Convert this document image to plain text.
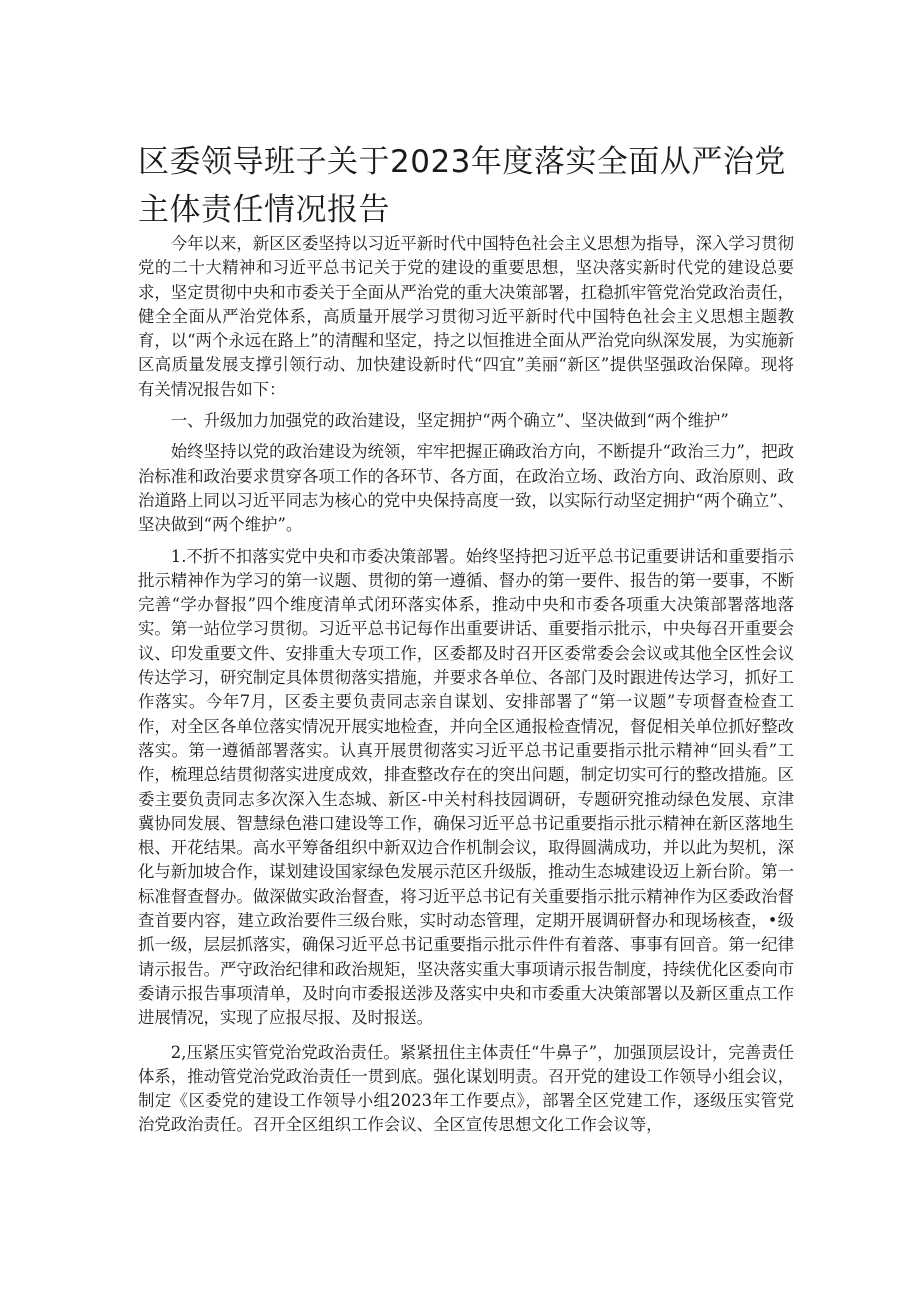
区委领导班子关于2023年度落实全面从严治党主体责任情况报告

今年以来，新区区委坚持以习近平新时代中国特色社会主义思想为指导，深入学习贯彻党的二十大精神和习近平总书记关于党的建设的重要思想，坚决落实新时代党的建设总要求，坚定贯彻中央和市委关于全面从严治党的重大决策部署，扛稳抓牢管党治党政治责任，健全全面从严治党体系，高质量开展学习贯彻习近平新时代中国特色社会主义思想主题教育，以“两个永远在路上”的清醒和坚定，持之以恒推进全面从严治党向纵深发展，为实施新区高质量发展支撑引领行动、加快建设新时代“四宜”美丽“新区”提供坚强政治保障。现将有关情况报告如下：

一、升级加力加强党的政治建设，坚定拥护“两个确立”、坚决做到“两个维护”

始终坚持以党的政治建设为统领，牢牢把握正确政治方向，不断提升“政治三力”，把政治标准和政治要求贯穿各项工作的各环节、各方面，在政治立场、政治方向、政治原则、政治道路上同以习近平同志为核心的党中央保持高度一致，以实际行动坚定拥护“两个确立”、坚决做到“两个维护”。

1.不折不扣落实党中央和市委决策部署。始终坚持把习近平总书记重要讲话和重要指示批示精神作为学习的第一议题、贯彻的第一遵循、督办的第一要件、报告的第一要事，不断完善“学办督报”四个维度清单式闭环落实体系，推动中央和市委各项重大决策部署落地落实。第一站位学习贯彻。习近平总书记每作出重要讲话、重要指示批示，中央每召开重要会议、印发重要文件、安排重大专项工作，区委都及时召开区委常委会会议或其他全区性会议传达学习，研究制定具体贯彻落实措施，并要求各单位、各部门及时跟进传达学习，抓好工作落实。今年7月，区委主要负责同志亲自谋划、安排部署了“第一议题”专项督查检查工作，对全区各单位落实情况开展实地检查，并向全区通报检查情况，督促相关单位抓好整改落实。第一遵循部署落实。认真开展贯彻落实习近平总书记重要指示批示精神“回头看”工作，梳理总结贯彻落实进度成效，排查整改存在的突出问题，制定切实可行的整改措施。区委主要负责同志多次深入生态城、新区-中关村科技园调研，专题研究推动绿色发展、京津冀协同发展、智慧绿色港口建设等工作，确保习近平总书记重要指示批示精神在新区落地生根、开花结果。高水平筹备组织中新双边合作机制会议，取得圆满成功，并以此为契机，深化与新加坡合作，谋划建设国家绿色发展示范区升级版，推动生态城建设迈上新台阶。第一标准督查督办。做深做实政治督查，将习近平总书记有关重要指示批示精神作为区委政治督查首要内容，建立政治要件三级台账，实时动态管理，定期开展调研督办和现场核查，•级抓一级，层层抓落实，确保习近平总书记重要指示批示件件有着落、事事有回音。第一纪律请示报告。严守政治纪律和政治规矩，坚决落实重大事项请示报告制度，持续优化区委向市委请示报告事项清单，及时向市委报送涉及落实中央和市委重大决策部署以及新区重点工作进展情况，实现了应报尽报、及时报送。

2,压紧压实管党治党政治责任。紧紧扭住主体责任“牛鼻子”，加强顶层设计，完善责任体系，推动管党治党政治责任一贯到底。强化谋划明责。召开党的建设工作领导小组会议，制定《区委党的建设工作领导小组2023年工作要点》，部署全区党建工作，逐级压实管党治党政治责任。召开全区组织工作会议、全区宣传思想文化工作会议等，
